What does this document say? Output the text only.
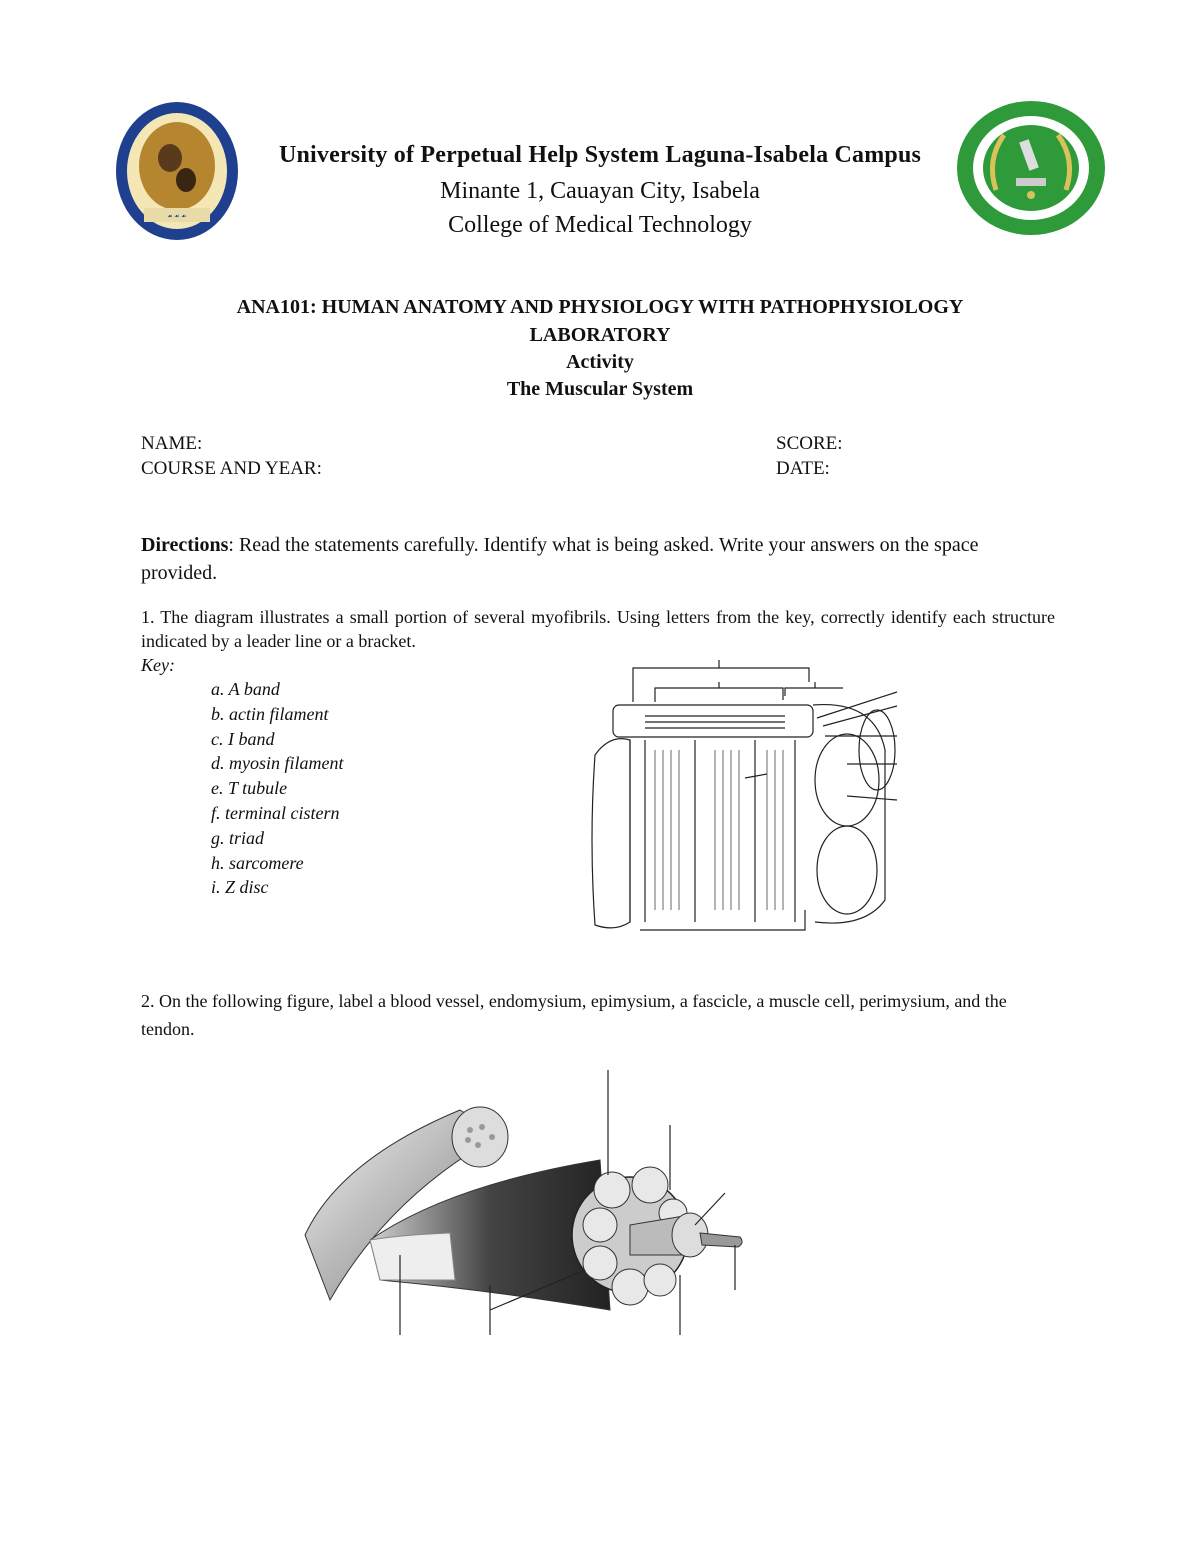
☙ ☙ ☙
University of Perpetual Help System Laguna-Isabela Campus
Minante 1, Cauayan City, Isabela
College of Medical Technology
ANA101: HUMAN ANATOMY AND PHYSIOLOGY WITH PATHOPHYSIOLOGY
LABORATORY
Activity
The Muscular System
NAME:	SCORE:
COURSE AND YEAR:	DATE:
Directions: Read the statements carefully. Identify what is being asked. Write your answers on the space provided.
1. The diagram illustrates a small portion of several myofibrils. Using letters from the key, correctly identify each structure indicated by a leader line or a bracket.
Key:
a. A band
b. actin filament
c. I band
d. myosin filament
e. T tubule
f. terminal cistern
g. triad
h. sarcomere
i. Z disc
2. On the following figure, label a blood vessel, endomysium, epimysium, a fascicle, a muscle cell, perimysium, and the tendon.
